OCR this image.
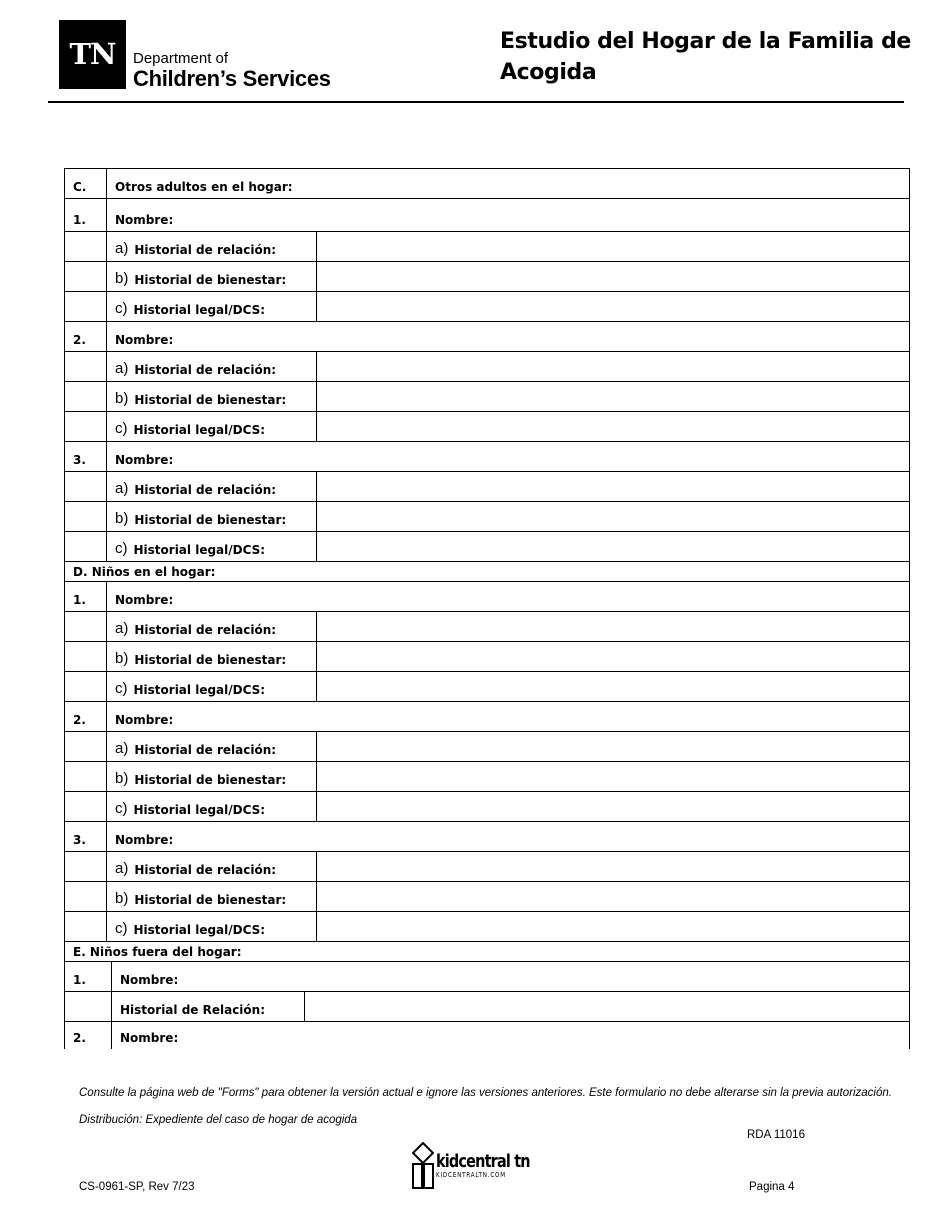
TN Department of
Children’s Services
Estudio del Hogar de la Familia de Acogida
C. Otros adultos en el hogar:
1. Nombre:
a) Historial de relación:
b) Historial de bienestar:
c) Historial legal/DCS:
2. Nombre:
a) Historial de relación:
b) Historial de bienestar:
c) Historial legal/DCS:
3. Nombre:
a) Historial de relación:
b) Historial de bienestar:
c) Historial legal/DCS:
D. Niños en el hogar:
1. Nombre:
a) Historial de relación:
b) Historial de bienestar:
c) Historial legal/DCS:
2. Nombre:
a) Historial de relación:
b) Historial de bienestar:
c) Historial legal/DCS:
3. Nombre:
a) Historial de relación:
b) Historial de bienestar:
c) Historial legal/DCS:
E. Niños fuera del hogar:
1.	Nombre:
Historial de Relación:
2.	Nombre:
Consulte la página web de "Forms" para obtener la versión actual e ignore las versiones anteriores. Este formulario no debe alterarse sin la previa autorización.
Distribución: Expediente del caso de hogar de acogida
RDA 11016
CS-0961-SP, Rev 7/23	Pagina 4
kidcentral tn
KIDCENTRALTN.COM
